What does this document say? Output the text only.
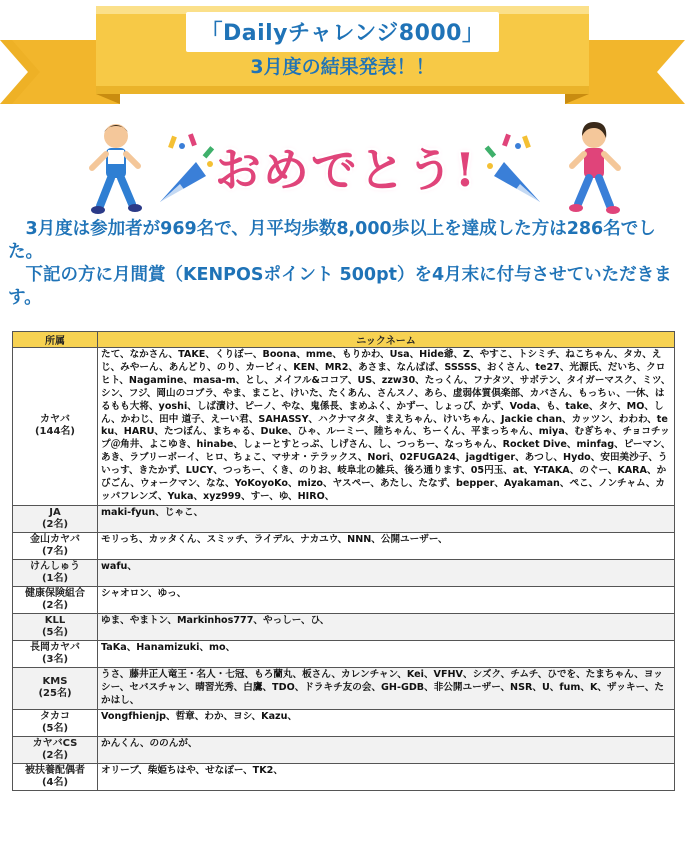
「Dailyチャレンジ8000」
3月度の結果発表！！
おめでとう!

　3月度は参加者が969名で、月平均歩数8,000歩以上を達成した方は286名でした。

　下記の方に月間賞（KENPOSポイント 500pt）を4月末に付与させていただきます。

所属	ニックネーム
カヤバ
(144名)	たて、なかさん、TAKE、くりぼー、Boona、mme、もりかわ、Usa、Hide爺、Z、やすこ、トシミチ、ねこちゃん、タカ、えじ、みやーん、あんどり、のり、カービィ、KEN、MR2、あさま、なんばば、SSSSS、おくさん、te27、光源氏、だいち、クロヒト、Nagamine、masa-m、とし、メイフル&ココア、US、zzw30、たっくん、フナタツ、サボテン、タイガーマスク、ミツ、シン、フジ、岡山のコブラ、やま、まこと、けいた、たくあん、さんスノ、あら、虚弱体質倶楽部、カバさん、もっちぃ、一休、はるもも大将、yoshi、しば漬け、ピーノ、やな、鬼係長、まめふく、かずー、しょっぴ、かず、Voda、も、take、タケ、MO、しん、かわじ、田中 道子、えーい君、SAHASSY、ハクナマタタ、まえちゃん、けいちゃん、Jackie chan、カッツン、わわわ、teku、HARU、たつぼん、まちゃる、Duke、ひゃ、ルーミー、陸ちゃん、ちーくん、平まっちゃん、miya、むぎちゃ、チョコチップ＠角井、よこゆき、hinabe、しょーとすとっぷ、しげさん、し、つっちー、なっちゃん、Rocket Dive、minfag、ピーマン、あき、ラブリーボーイ、ヒロ、ちょこ、マサオ・テラックス、Nori、02FUGA24、jagdtiger、あつし、Hydo、安田美沙子、ういっす、きたかず、LUCY、つっちー、くき、のりお、岐阜北の雑兵、後ろ通ります、05円玉、at、Y-TAKA、のぐー、KARA、かびごん、ウォークマン、なな、YoKoyoKo、mizo、ヤスペー、あたし、たなず、bepper、Ayakaman、ぺこ、ノンチャム、カッパフレンズ、Yuka、xyz999、すー、ゆ、HIRO、
JA
(2名)	maki-fyun、じゃこ、
金山カヤバ
(7名)	モリっち、カッタくん、スミッチ、ライデル、ナカユウ、NNN、公開ユーザー、
けんしゅう
(1名)	wafu、
健康保険組合
(2名)	シャオロン、ゆっ、
KLL
(5名)	ゆま、やまトン、Markinhos777、やっしー、ひ、
長岡カヤバ
(3名)	TaKa、Hanamizuki、mo、
KMS
(25名)	うさ、藤井正人竜王・名人・七冠、もろ蘭丸、板さん、カレンチャン、Kei、VFHV、シズク、チムチ、ひでを、たまちゃん、ヨッシー、セバスチャン、晴習光秀、白鷹、TDO、ドラキチ友の会、GH-GDB、非公開ユーザー、NSR、U、fum、K、ザッキー、たかはし、
タカコ
(5名)	Vongfhienjp、哲章、わか、ヨシ、Kazu、
カヤバCS
(2名)	かんくん、ののんが、
被扶養配偶者
(4名)	オリーブ、柴姫ちはや、せなぽー、TK2、
